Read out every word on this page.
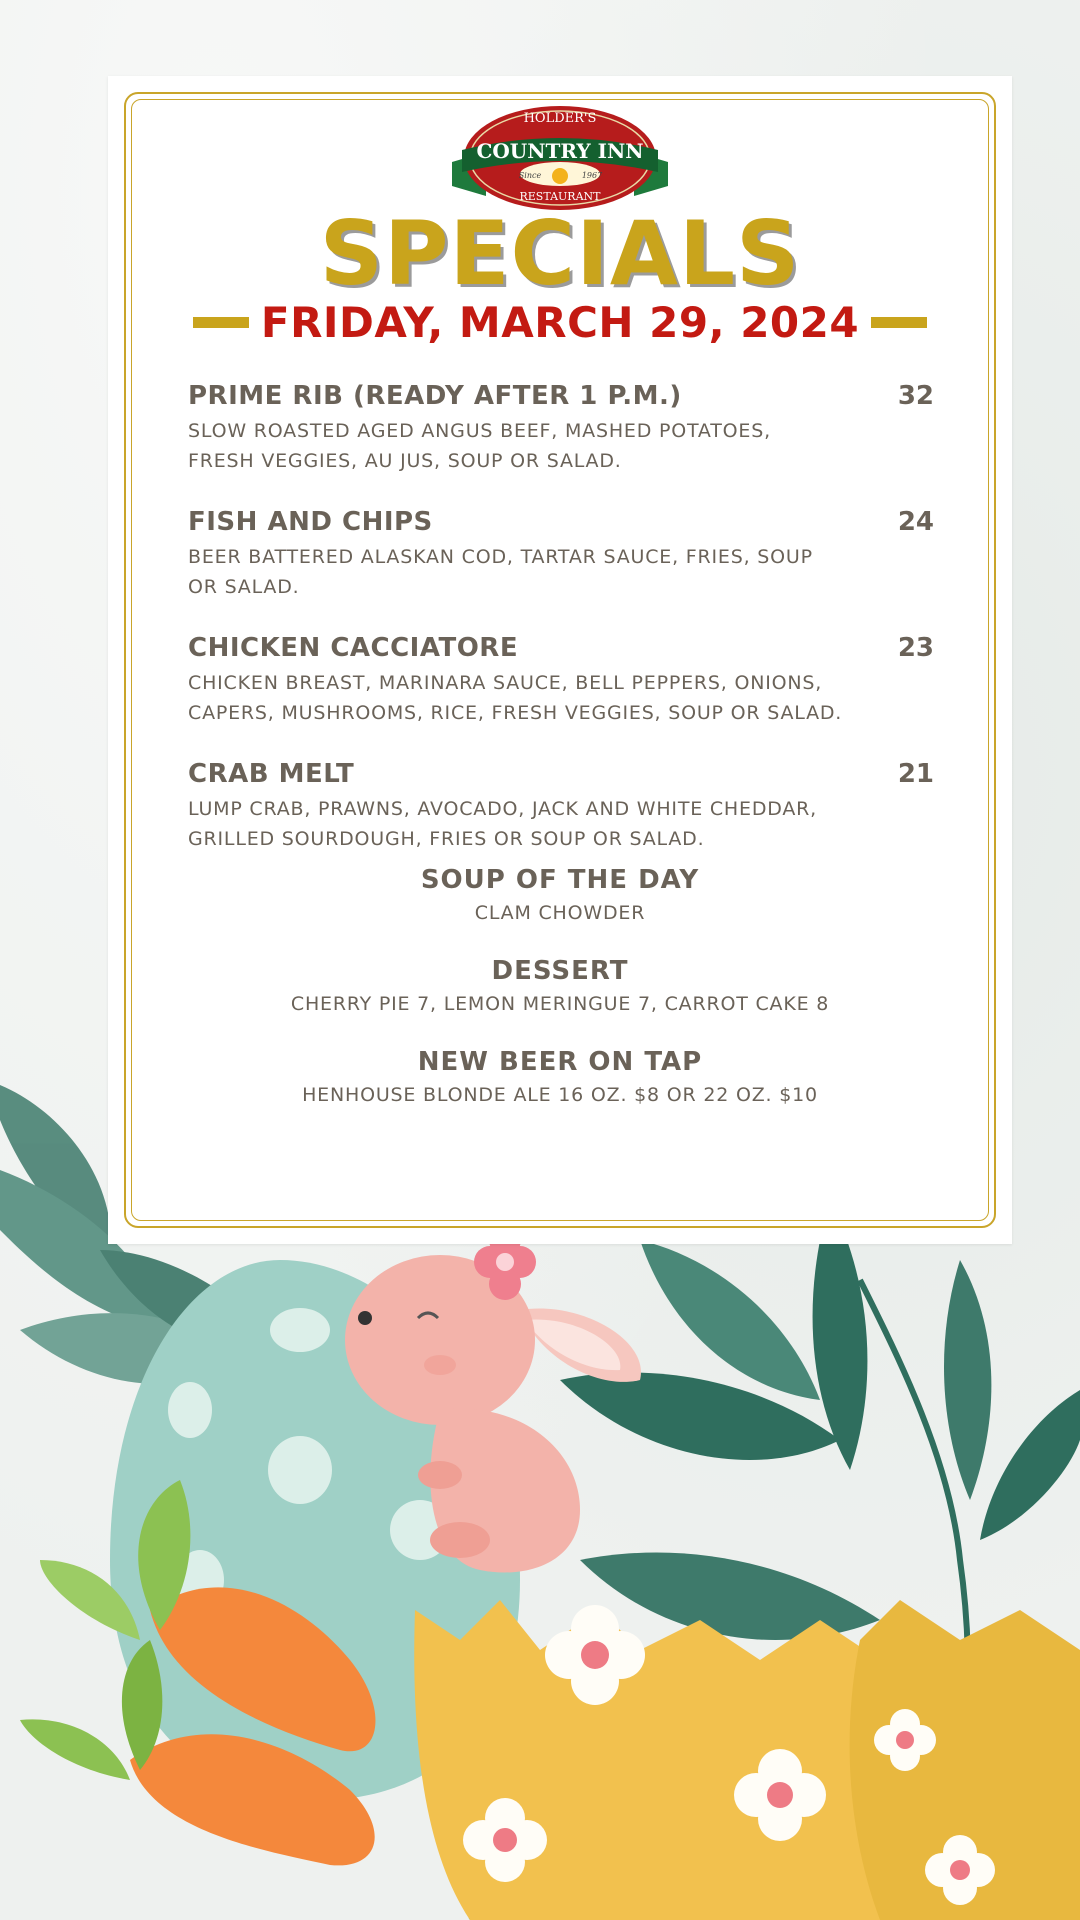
HOLDER'S
COUNTRY INN
Since	1967
RESTAURANT
SPECIALS
FRIDAY, MARCH 29, 2024
PRIME RIB (READY AFTER 1 P.M.)	32
SLOW ROASTED AGED ANGUS BEEF, MASHED POTATOES,
FRESH VEGGIES, AU JUS, SOUP OR SALAD.
FISH AND CHIPS	24
BEER BATTERED ALASKAN COD, TARTAR SAUCE, FRIES, SOUP
OR SALAD.
CHICKEN CACCIATORE	23
CHICKEN BREAST, MARINARA SAUCE, BELL PEPPERS, ONIONS,
CAPERS, MUSHROOMS, RICE, FRESH VEGGIES, SOUP OR SALAD.
CRAB MELT	21
LUMP CRAB, PRAWNS, AVOCADO, JACK AND WHITE CHEDDAR,
GRILLED SOURDOUGH, FRIES OR SOUP OR SALAD.
SOUP OF THE DAY
CLAM CHOWDER
DESSERT
CHERRY PIE 7, LEMON MERINGUE 7, CARROT CAKE 8
NEW BEER ON TAP
HENHOUSE BLONDE ALE 16 OZ. $8 OR 22 OZ. $10
